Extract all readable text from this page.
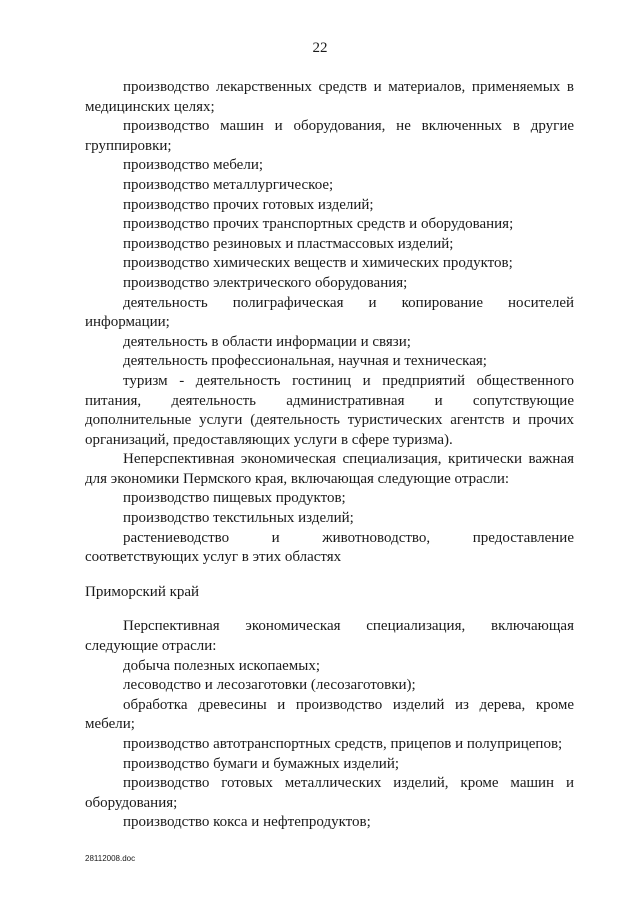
22

производство лекарственных средств и материалов, применяемых в медицинских целях;

производство машин и оборудования, не включенных в другие группировки;

производство мебели;

производство металлургическое;

производство прочих готовых изделий;

производство прочих транспортных средств и оборудования;

производство резиновых и пластмассовых изделий;

производство химических веществ и химических продуктов;

производство электрического оборудования;

деятельность полиграфическая и копирование носителей информации;

деятельность в области информации и связи;

деятельность профессиональная, научная и техническая;

туризм - деятельность гостиниц и предприятий общественного питания, деятельность административная и сопутствующие дополнительные услуги (деятельность туристических агентств и прочих организаций, предоставляющих услуги в сфере туризма).

Неперспективная экономическая специализация, критически важная для экономики Пермского края, включающая следующие отрасли:

производство пищевых продуктов;

производство текстильных изделий;

растениеводство и животноводство, предоставление соответствующих услуг в этих областях

Приморский край

Перспективная экономическая специализация, включающая следующие отрасли:

добыча полезных ископаемых;

лесоводство и лесозаготовки (лесозаготовки);

обработка древесины и производство изделий из дерева, кроме мебели;

производство автотранспортных средств, прицепов и полуприцепов;

производство бумаги и бумажных изделий;

производство готовых металлических изделий, кроме машин и оборудования;

производство кокса и нефтепродуктов;

28112008.doc
